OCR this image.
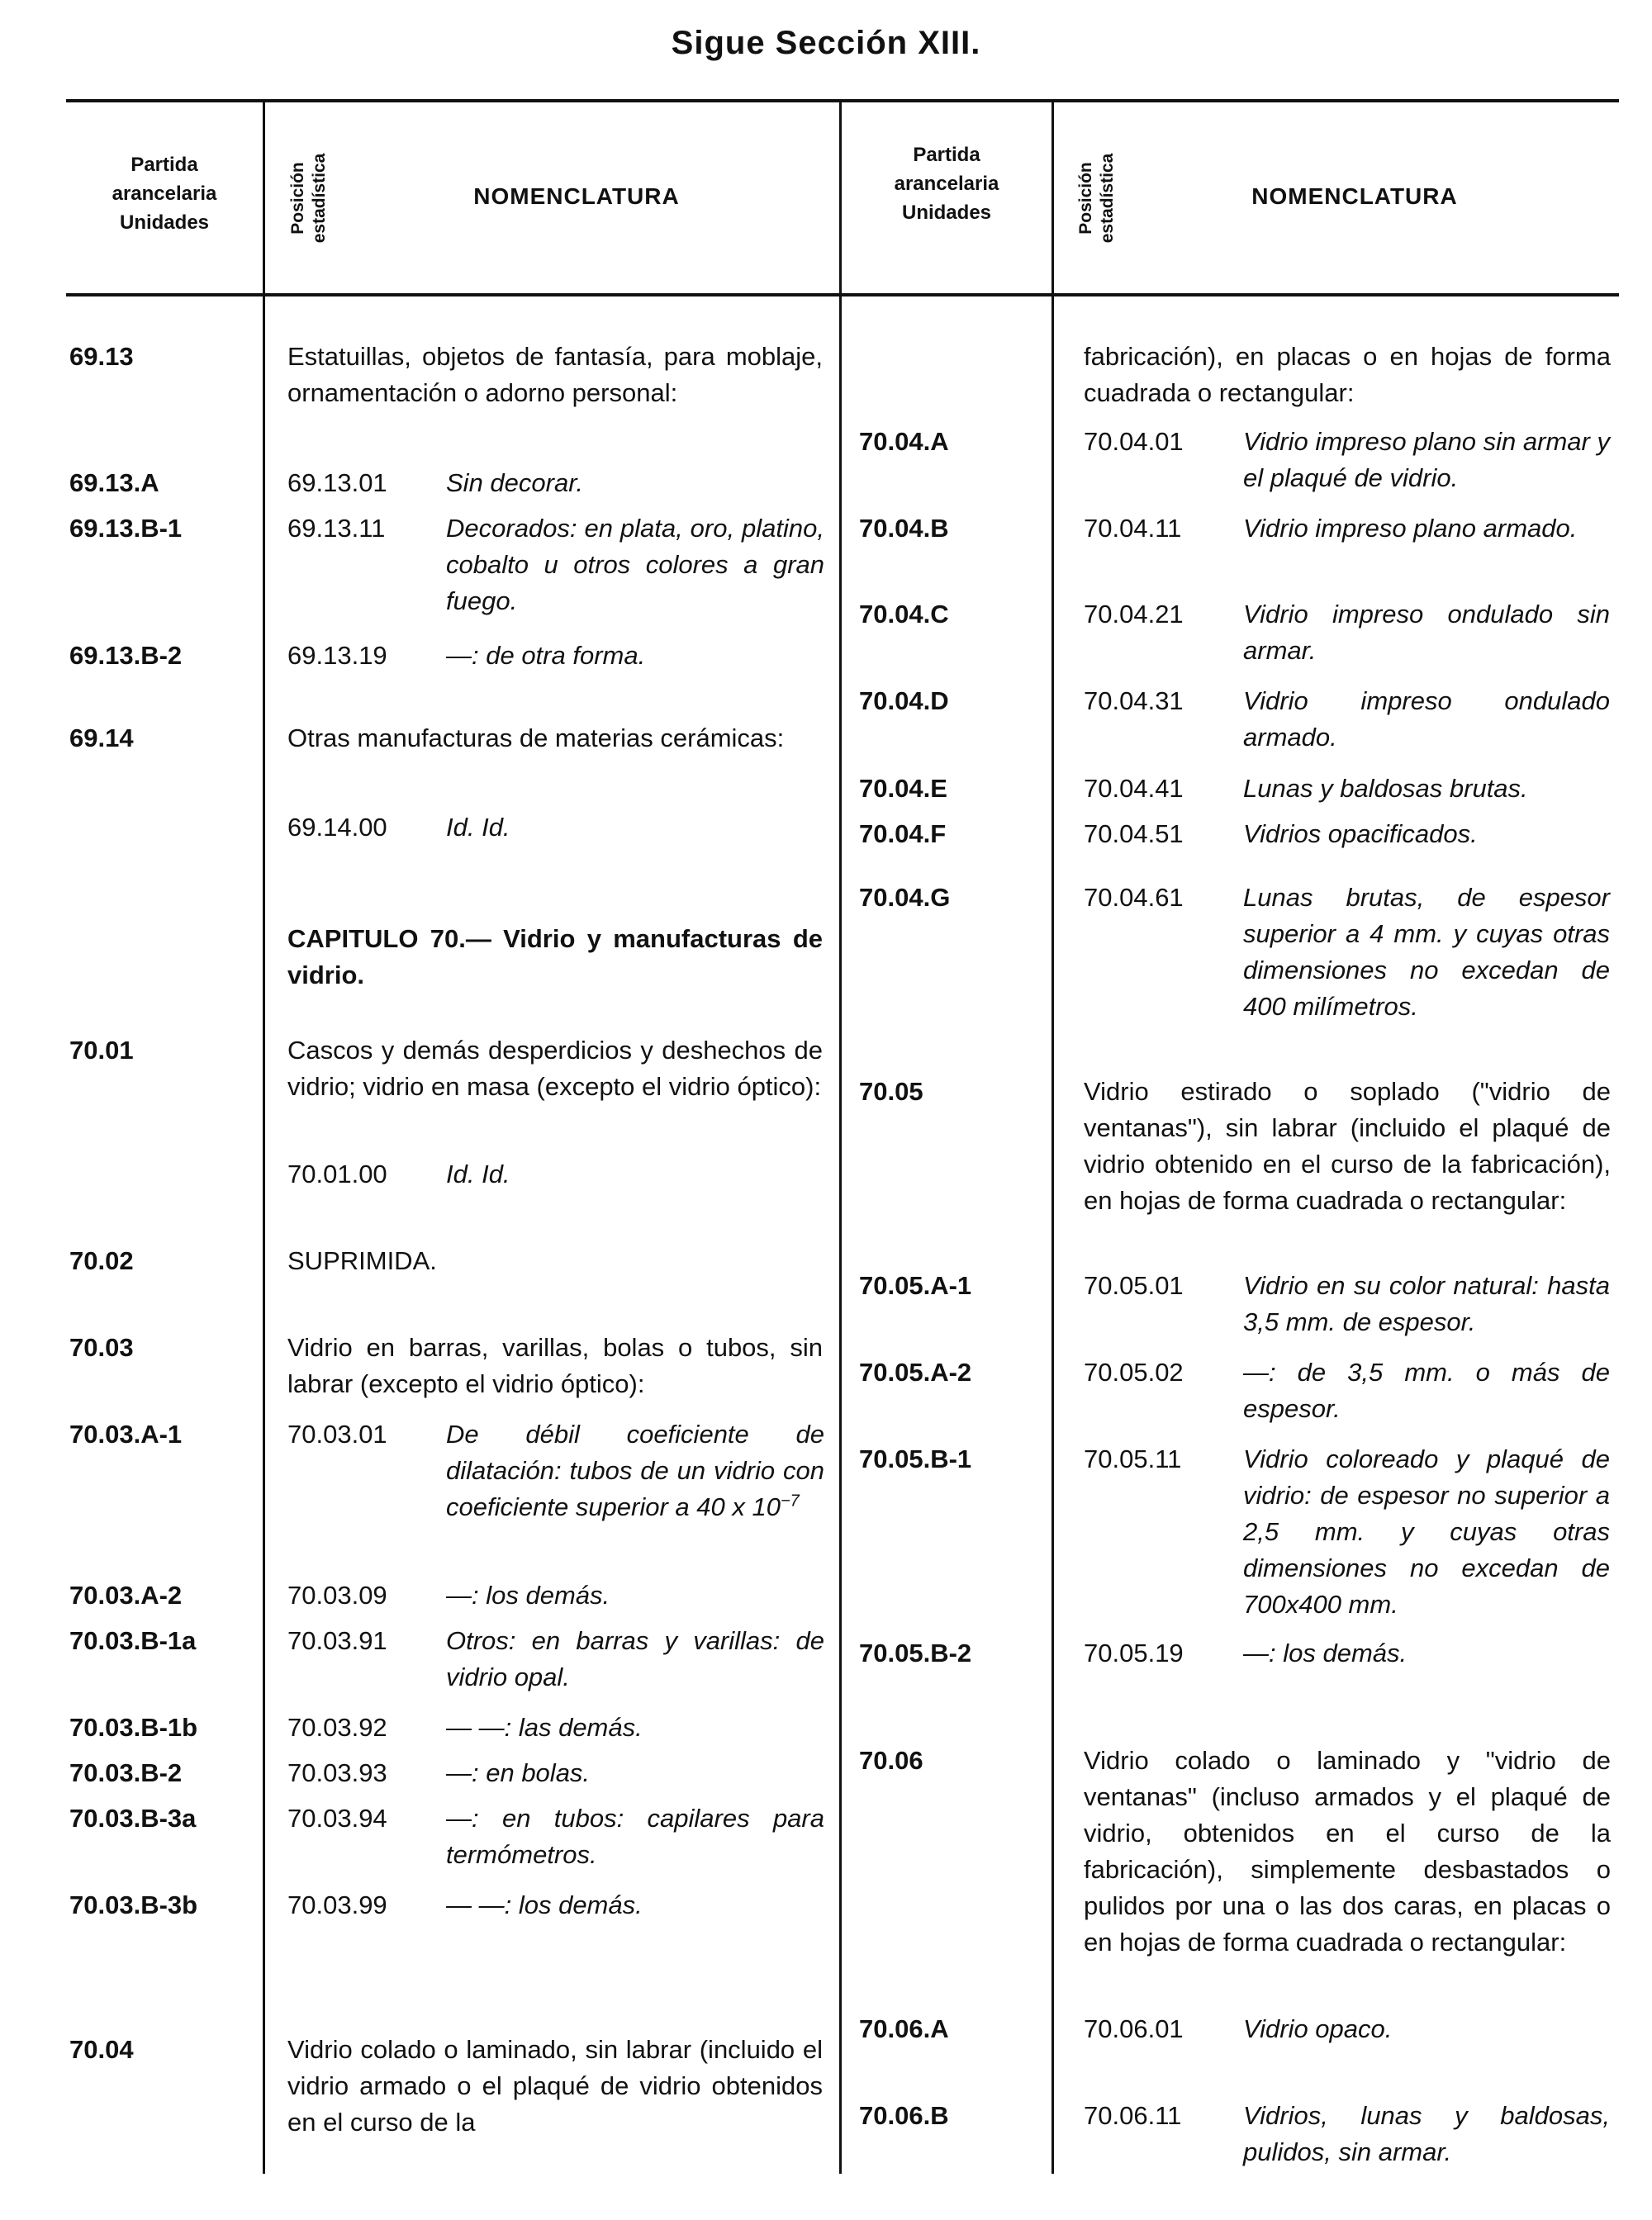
Sigue Sección XIII.
Partida
arancelaria
Unidades	Posición estadística	NOMENCLATURA
Partida
arancelaria
Unidades	Posición estadística	NOMENCLATURA
69.13	Estatuillas, objetos de fantasía, para moblaje, ornamentación o adorno personal:
69.13.A	69.13.01	Sin decorar.
69.13.B-1	69.13.11	Decorados: en plata, oro, platino, cobalto u otros colores a gran fuego.
69.13.B-2	69.13.19	—: de otra forma.
69.14	Otras manufacturas de materias cerámicas:
69.14.00	Id. Id.
CAPITULO 70.— Vidrio y manufacturas de vidrio.
70.01	Cascos y demás desperdicios y deshechos de vidrio; vidrio en masa (excepto el vidrio óptico):
70.01.00	Id. Id.
70.02	SUPRIMIDA.
70.03	Vidrio en barras, varillas, bolas o tubos, sin labrar (excepto el vidrio óptico):
70.03.A-1	70.03.01	De débil coeficiente de dilatación: tubos de un vidrio con coeficiente superior a 40 x $10^{-7}$
70.03.A-2	70.03.09	—: los demás.
70.03.B-1a	70.03.91	Otros: en barras y varillas: de vidrio opal.
70.03.B-1b	70.03.92	— —: las demás.
70.03.B-2	70.03.93	—: en bolas.
70.03.B-3a	70.03.94	—: en tubos: capilares para termómetros.
70.03.B-3b	70.03.99	— —: los demás.
70.04	Vidrio colado o laminado, sin labrar (incluido el vidrio armado o el plaqué de vidrio obtenidos en el curso de la
fabricación), en placas o en hojas de forma cuadrada o rectangular:
70.04.A	70.04.01	Vidrio impreso plano sin armar y el plaqué de vidrio.
70.04.B	70.04.11	Vidrio impreso plano armado.
70.04.C	70.04.21	Vidrio impreso ondulado sin armar.
70.04.D	70.04.31	Vidrio impreso ondulado armado.
70.04.E	70.04.41	Lunas y baldosas brutas.
70.04.F	70.04.51	Vidrios opacificados.
70.04.G	70.04.61	Lunas brutas, de espesor superior a 4 mm. y cuyas otras dimensiones no excedan de 400 milímetros.
70.05	Vidrio estirado o soplado ("vidrio de ventanas"), sin labrar (incluido el plaqué de vidrio obtenido en el curso de la fabricación), en hojas de forma cuadrada o rectangular:
70.05.A-1	70.05.01	Vidrio en su color natural: hasta 3,5 mm. de espesor.
70.05.A-2	70.05.02	—: de 3,5 mm. o más de espesor.
70.05.B-1	70.05.11	Vidrio coloreado y plaqué de vidrio: de espesor no superior a 2,5 mm. y cuyas otras dimensiones no excedan de 700x400 mm.
70.05.B-2	70.05.19	—: los demás.
70.06	Vidrio colado o laminado y "vidrio de ventanas" (incluso armados y el plaqué de vidrio, obtenidos en el curso de la fabricación), simplemente desbastados o pulidos por una o las dos caras, en placas o en hojas de forma cuadrada o rectangular:
70.06.A	70.06.01	Vidrio opaco.
70.06.B	70.06.11	Vidrios, lunas y baldosas, pulidos, sin armar.
